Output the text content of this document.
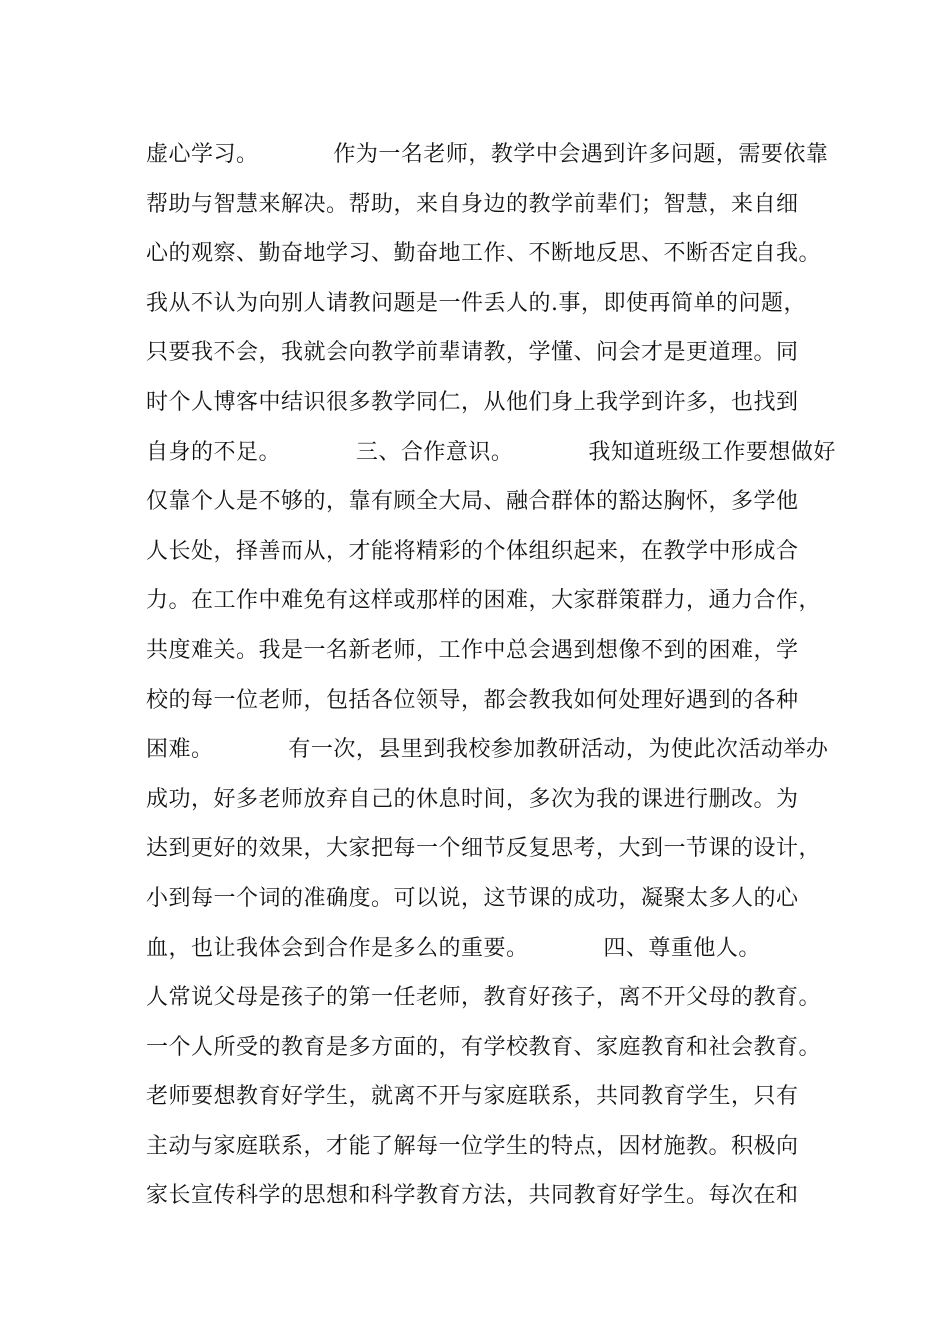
虚心学习。          作为一名老师，教学中会遇到许多问题，需要依靠
帮助与智慧来解决。帮助，来自身边的教学前辈们；智慧，来自细
心的观察、勤奋地学习、勤奋地工作、不断地反思、不断否定自我。
我从不认为向别人请教问题是一件丢人的.事，即使再简单的问题，
只要我不会，我就会向教学前辈请教，学懂、问会才是更道理。同
时个人博客中结识很多教学同仁，从他们身上我学到许多，也找到
自身的不足。          三、合作意识。          我知道班级工作要想做好
仅靠个人是不够的，靠有顾全大局、融合群体的豁达胸怀，多学他
人长处，择善而从，才能将精彩的个体组织起来，在教学中形成合
力。在工作中难免有这样或那样的困难，大家群策群力，通力合作，
共度难关。我是一名新老师，工作中总会遇到想像不到的困难，学
校的每一位老师，包括各位领导，都会教我如何处理好遇到的各种
困难。          有一次，县里到我校参加教研活动，为使此次活动举办
成功，好多老师放弃自己的休息时间，多次为我的课进行删改。为
达到更好的效果，大家把每一个细节反复思考，大到一节课的设计，
小到每一个词的准确度。可以说，这节课的成功，凝聚太多人的心
血，也让我体会到合作是多么的重要。          四、尊重他人。
人常说父母是孩子的第一任老师，教育好孩子，离不开父母的教育。
一个人所受的教育是多方面的，有学校教育、家庭教育和社会教育。
老师要想教育好学生，就离不开与家庭联系，共同教育学生，只有
主动与家庭联系，才能了解每一位学生的特点，因材施教。积极向
家长宣传科学的思想和科学教育方法，共同教育好学生。每次在和
